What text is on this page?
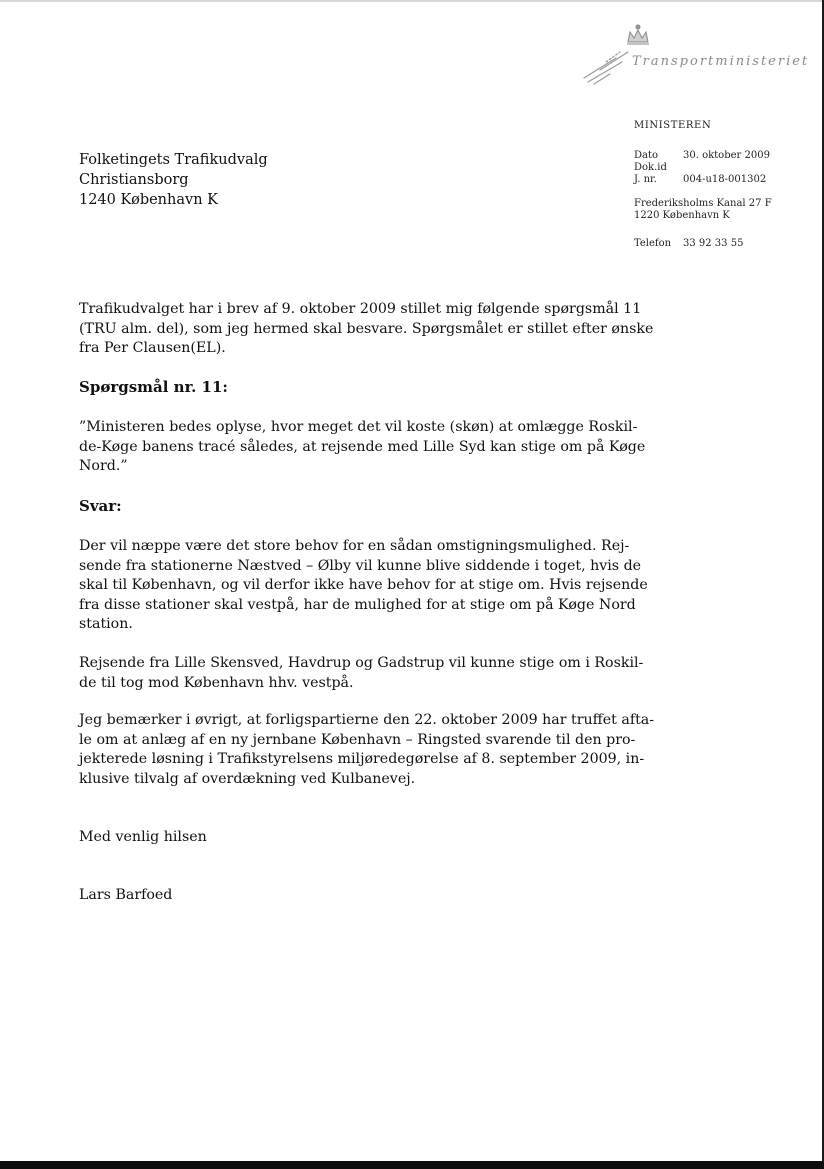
Transportministeriet
MINISTEREN
Dato 30. oktober 2009
Dok.id
J. nr.	004-u18-001302
Frederiksholms Kanal 27 F
1220 København K
Telefon 33 92 33 55
Folketingets Trafikudvalg
Christiansborg
1240 København K
Trafikudvalget har i brev af 9. oktober 2009 stillet mig følgende spørgsmål 11
(TRU alm. del), som jeg hermed skal besvare. Spørgsmålet er stillet efter ønske
fra Per Clausen(EL).
Spørgsmål nr. 11:
”Ministeren bedes oplyse, hvor meget det vil koste (skøn) at omlægge Roskil-
de-Køge banens tracé således, at rejsende med Lille Syd kan stige om på Køge
Nord.”
Svar:
Der vil næppe være det store behov for en sådan omstigningsmulighed. Rej-
sende fra stationerne Næstved – Ølby vil kunne blive siddende i toget, hvis de
skal til København, og vil derfor ikke have behov for at stige om. Hvis rejsende
fra disse stationer skal vestpå, har de mulighed for at stige om på Køge Nord
station.
Rejsende fra Lille Skensved, Havdrup og Gadstrup vil kunne stige om i Roskil-
de til tog mod København hhv. vestpå.
Jeg bemærker i øvrigt, at forligspartierne den 22. oktober 2009 har truffet afta-
le om at anlæg af en ny jernbane København – Ringsted svarende til den pro-
jekterede løsning i Trafikstyrelsens miljøredegørelse af 8. september 2009, in-
klusive tilvalg af overdækning ved Kulbanevej.
Med venlig hilsen
Lars Barfoed
